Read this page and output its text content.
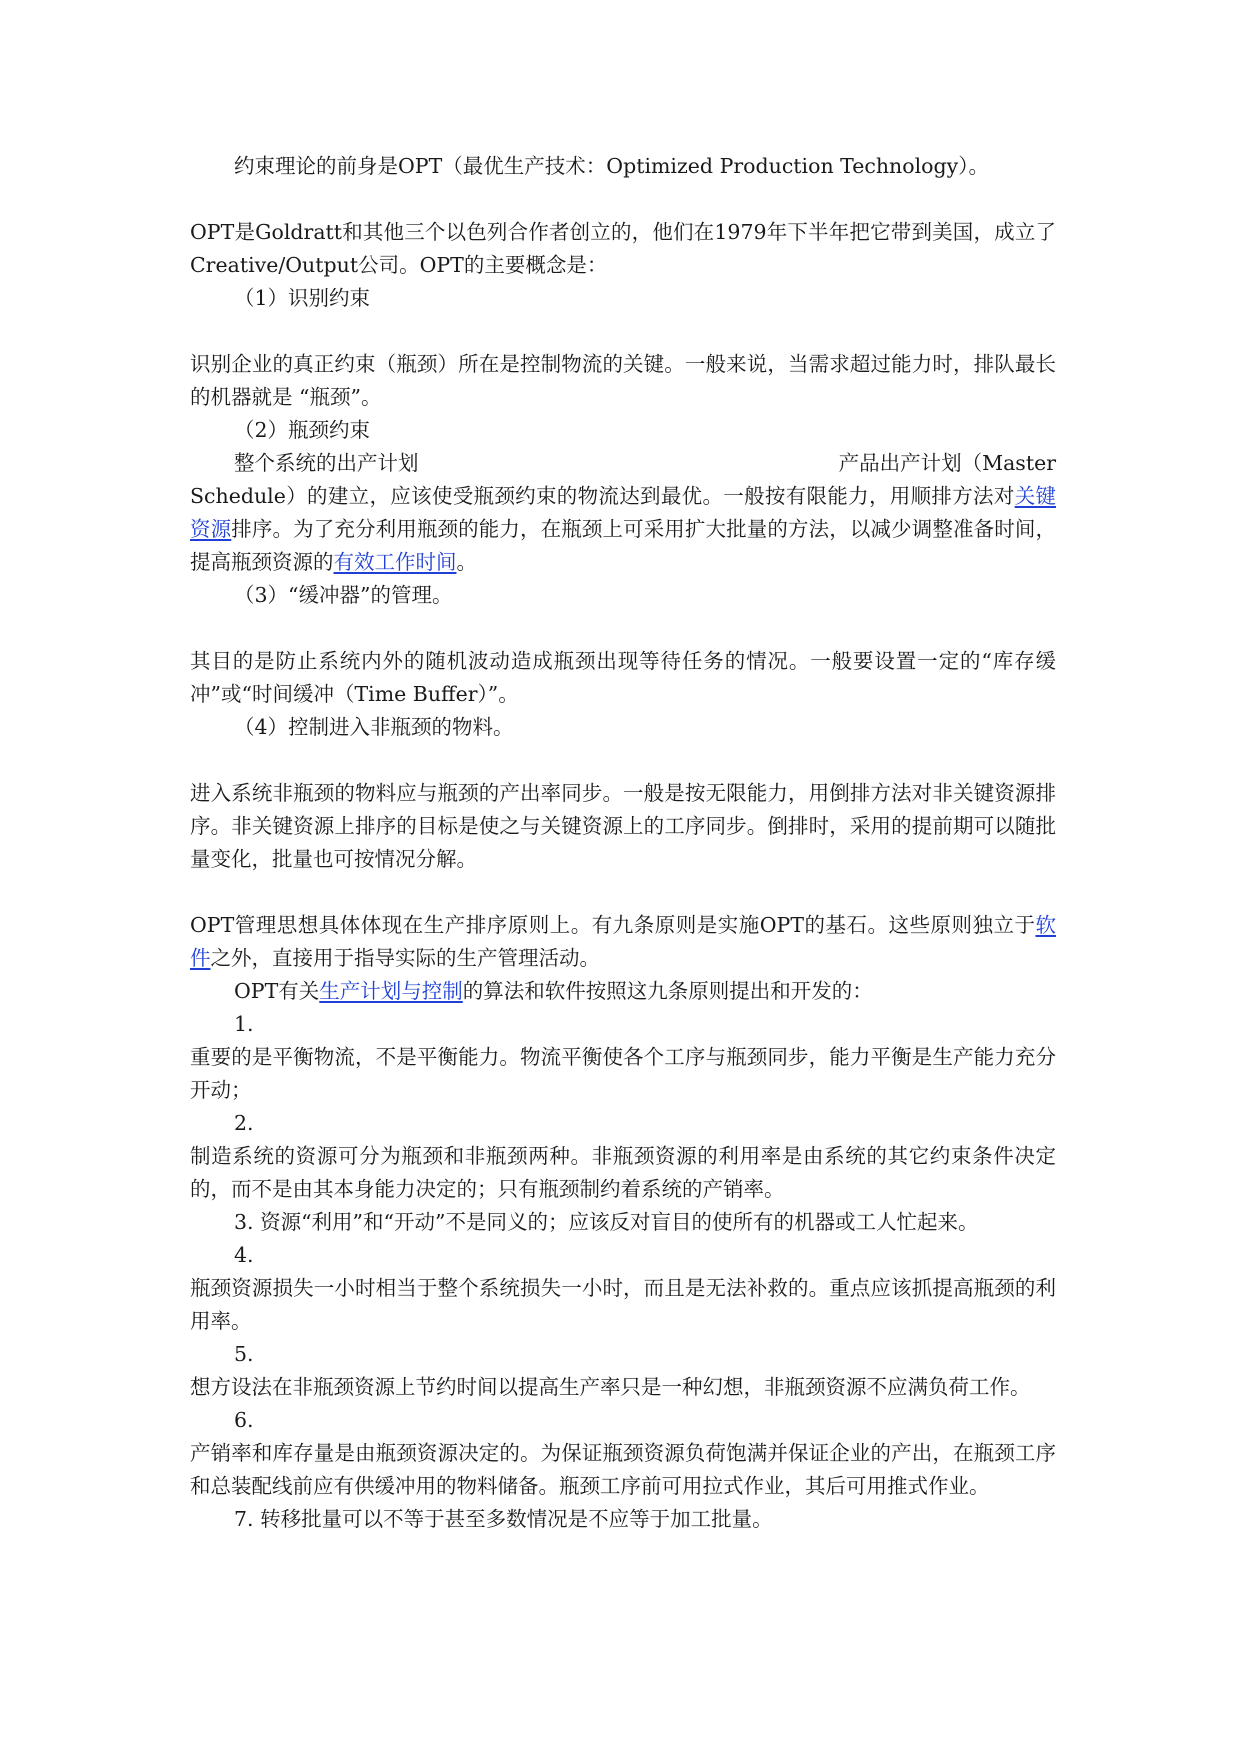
约束理论的前身是OPT（最优生产技术：Optimized Production Technology）。

OPT是Goldratt和其他三个以色列合作者创立的，他们在1979年下半年把它带到美国，成立了Creative/Output公司。OPT的主要概念是：

（1）识别约束

识别企业的真正约束（瓶颈）所在是控制物流的关键。一般来说，当需求超过能力时，排队最长的机器就是 “瓶颈”。

（2）瓶颈约束

整个系统的出产计划	产品出产计划（Master

Schedule）的建立，应该使受瓶颈约束的物流达到最优。一般按有限能力，用顺排方法对关键资源排序。为了充分利用瓶颈的能力，在瓶颈上可采用扩大批量的方法，以减少调整准备时间，提高瓶颈资源的有效工作时间。

（3）“缓冲器”的管理。

其目的是防止系统内外的随机波动造成瓶颈出现等待任务的情况。一般要设置一定的“库存缓冲”或“时间缓冲（Time Buffer）”。

（4）控制进入非瓶颈的物料。

进入系统非瓶颈的物料应与瓶颈的产出率同步。一般是按无限能力，用倒排方法对非关键资源排序。非关键资源上排序的目标是使之与关键资源上的工序同步。倒排时，采用的提前期可以随批量变化，批量也可按情况分解。

OPT管理思想具体体现在生产排序原则上。有九条原则是实施OPT的基石。这些原则独立于软件之外，直接用于指导实际的生产管理活动。

OPT有关生产计划与控制的算法和软件按照这九条原则提出和开发的：

1.

重要的是平衡物流，不是平衡能力。物流平衡使各个工序与瓶颈同步，能力平衡是生产能力充分开动；

2.

制造系统的资源可分为瓶颈和非瓶颈两种。非瓶颈资源的利用率是由系统的其它约束条件决定的，而不是由其本身能力决定的；只有瓶颈制约着系统的产销率。

3. 资源“利用”和“开动”不是同义的；应该反对盲目的使所有的机器或工人忙起来。

4.

瓶颈资源损失一小时相当于整个系统损失一小时，而且是无法补救的。重点应该抓提高瓶颈的利用率。

5.

想方设法在非瓶颈资源上节约时间以提高生产率只是一种幻想，非瓶颈资源不应满负荷工作。

6.

产销率和库存量是由瓶颈资源决定的。为保证瓶颈资源负荷饱满并保证企业的产出，在瓶颈工序和总装配线前应有供缓冲用的物料储备。瓶颈工序前可用拉式作业，其后可用推式作业。

7. 转移批量可以不等于甚至多数情况是不应等于加工批量。
